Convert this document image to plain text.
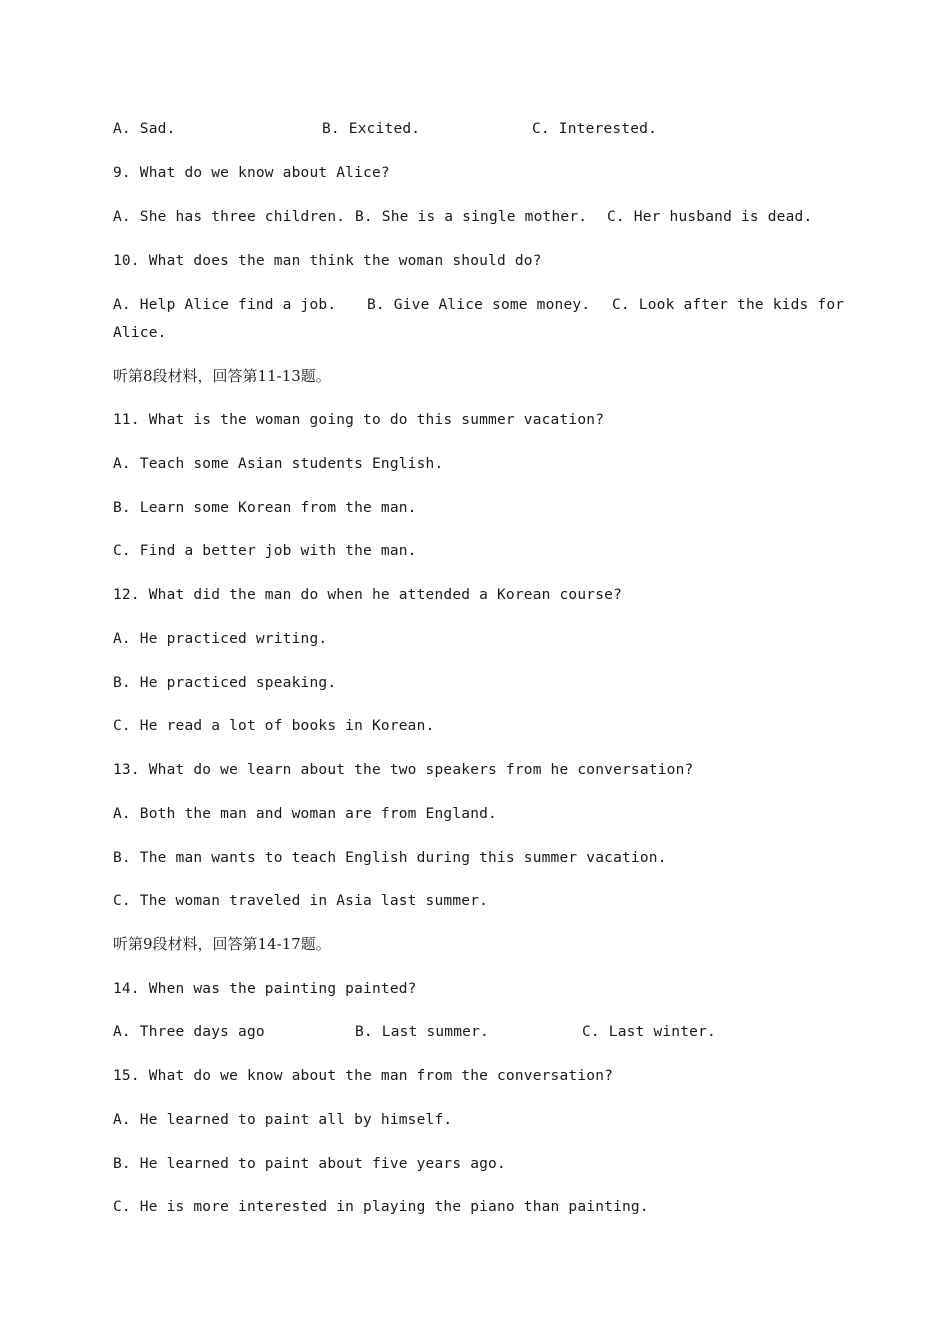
A. Sad.	B. Excited.	C. Interested.
9. What do we know about Alice?
A. She has three children. B. She is a single mother. C. Her husband is dead.
10. What does the man think the woman should do?
A. Help Alice find a job. B. Give Alice some money. C. Look after the kids for
Alice.
听第8段材料，回答第11-13题。
11. What is the woman going to do this summer vacation?
A. Teach some Asian students English.
B. Learn some Korean from the man.
C. Find a better job with the man.
12. What did the man do when he attended a Korean course?
A. He practiced writing.
B. He practiced speaking.
C. He read a lot of books in Korean.
13. What do we learn about the two speakers from he conversation?
A. Both the man and woman are from England.
B. The man wants to teach English during this summer vacation.
C. The woman traveled in Asia last summer.
听第9段材料，回答第14-17题。
14. When was the painting painted?
A. Three days ago	B. Last summer.	C. Last winter.
15. What do we know about the man from the conversation?
A. He learned to paint all by himself.
B. He learned to paint about five years ago.
C. He is more interested in playing the piano than painting.
